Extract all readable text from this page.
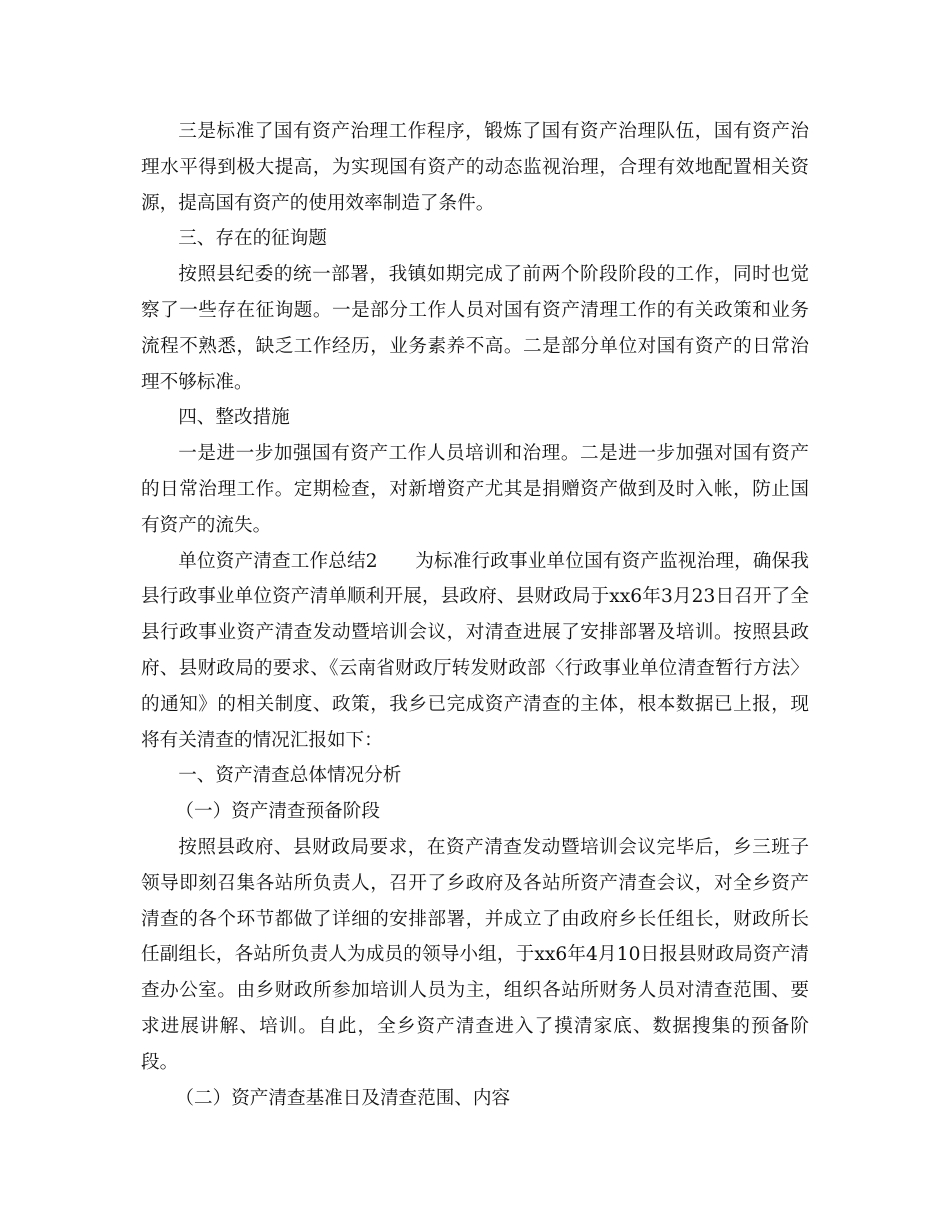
三是标准了国有资产治理工作程序，锻炼了国有资产治理队伍，国有资产治理水平得到极大提高，为实现国有资产的动态监视治理，合理有效地配置相关资源，提高国有资产的使用效率制造了条件。

三、存在的征询题

按照县纪委的统一部署，我镇如期完成了前两个阶段阶段的工作，同时也觉察了一些存在征询题。一是部分工作人员对国有资产清理工作的有关政策和业务流程不熟悉，缺乏工作经历，业务素养不高。二是部分单位对国有资产的日常治理不够标准。

四、整改措施

一是进一步加强国有资产工作人员培训和治理。二是进一步加强对国有资产的日常治理工作。定期检查，对新增资产尤其是捐赠资产做到及时入帐，防止国有资产的流失。

单位资产清查工作总结2　　为标准行政事业单位国有资产监视治理，确保我县行政事业单位资产清单顺利开展，县政府、县财政局于xx6年3月23日召开了全县行政事业资产清查发动暨培训会议，对清查进展了安排部署及培训。按照县政府、县财政局的要求、《云南省财政厅转发财政部〈行政事业单位清查暂行方法〉的通知》的相关制度、政策，我乡已完成资产清查的主体，根本数据已上报，现将有关清查的情况汇报如下：

一、资产清查总体情况分析

（一）资产清查预备阶段

按照县政府、县财政局要求，在资产清查发动暨培训会议完毕后，乡三班子领导即刻召集各站所负责人，召开了乡政府及各站所资产清查会议，对全乡资产清查的各个环节都做了详细的安排部署，并成立了由政府乡长任组长，财政所长任副组长，各站所负责人为成员的领导小组，于xx6年4月10日报县财政局资产清查办公室。由乡财政所参加培训人员为主，组织各站所财务人员对清查范围、要求进展讲解、培训。自此，全乡资产清查进入了摸清家底、数据搜集的预备阶段。

（二）资产清查基准日及清查范围、内容
